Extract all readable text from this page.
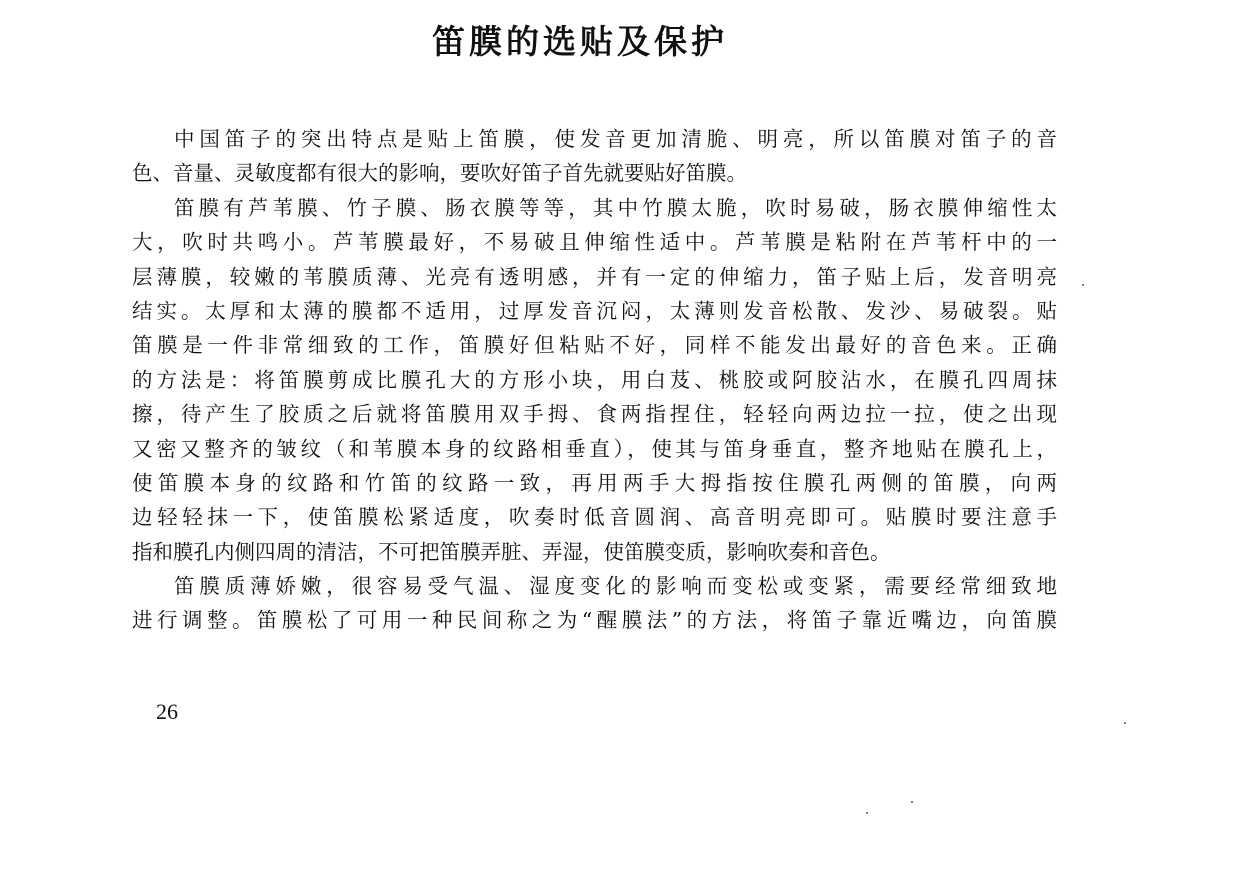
笛膜的选贴及保护
中国笛子的突出特点是贴上笛膜，使发音更加清脆、明亮，所以笛膜对笛子的音
色、音量、灵敏度都有很大的影响，要吹好笛子首先就要贴好笛膜。
笛膜有芦苇膜、竹子膜、肠衣膜等等，其中竹膜太脆，吹时易破，肠衣膜伸缩性太
大，吹时共鸣小。芦苇膜最好，不易破且伸缩性适中。芦苇膜是粘附在芦苇杆中的一
层薄膜，较嫩的苇膜质薄、光亮有透明感，并有一定的伸缩力，笛子贴上后，发音明亮
结实。太厚和太薄的膜都不适用，过厚发音沉闷，太薄则发音松散、发沙、易破裂。贴
笛膜是一件非常细致的工作，笛膜好但粘贴不好，同样不能发出最好的音色来。正确
的方法是：将笛膜剪成比膜孔大的方形小块，用白芨、桃胶或阿胶沾水，在膜孔四周抹
擦，待产生了胶质之后就将笛膜用双手拇、食两指捏住，轻轻向两边拉一拉，使之出现
又密又整齐的皱纹（和苇膜本身的纹路相垂直），使其与笛身垂直，整齐地贴在膜孔上，
使笛膜本身的纹路和竹笛的纹路一致，再用两手大拇指按住膜孔两侧的笛膜，向两
边轻轻抹一下，使笛膜松紧适度，吹奏时低音圆润、高音明亮即可。贴膜时要注意手
指和膜孔内侧四周的清洁，不可把笛膜弄脏、弄湿，使笛膜变质，影响吹奏和音色。
笛膜质薄娇嫩，很容易受气温、湿度变化的影响而变松或变紧，需要经常细致地
进行调整。笛膜松了可用一种民间称之为“醒膜法”的方法，将笛子靠近嘴边，向笛膜
26
